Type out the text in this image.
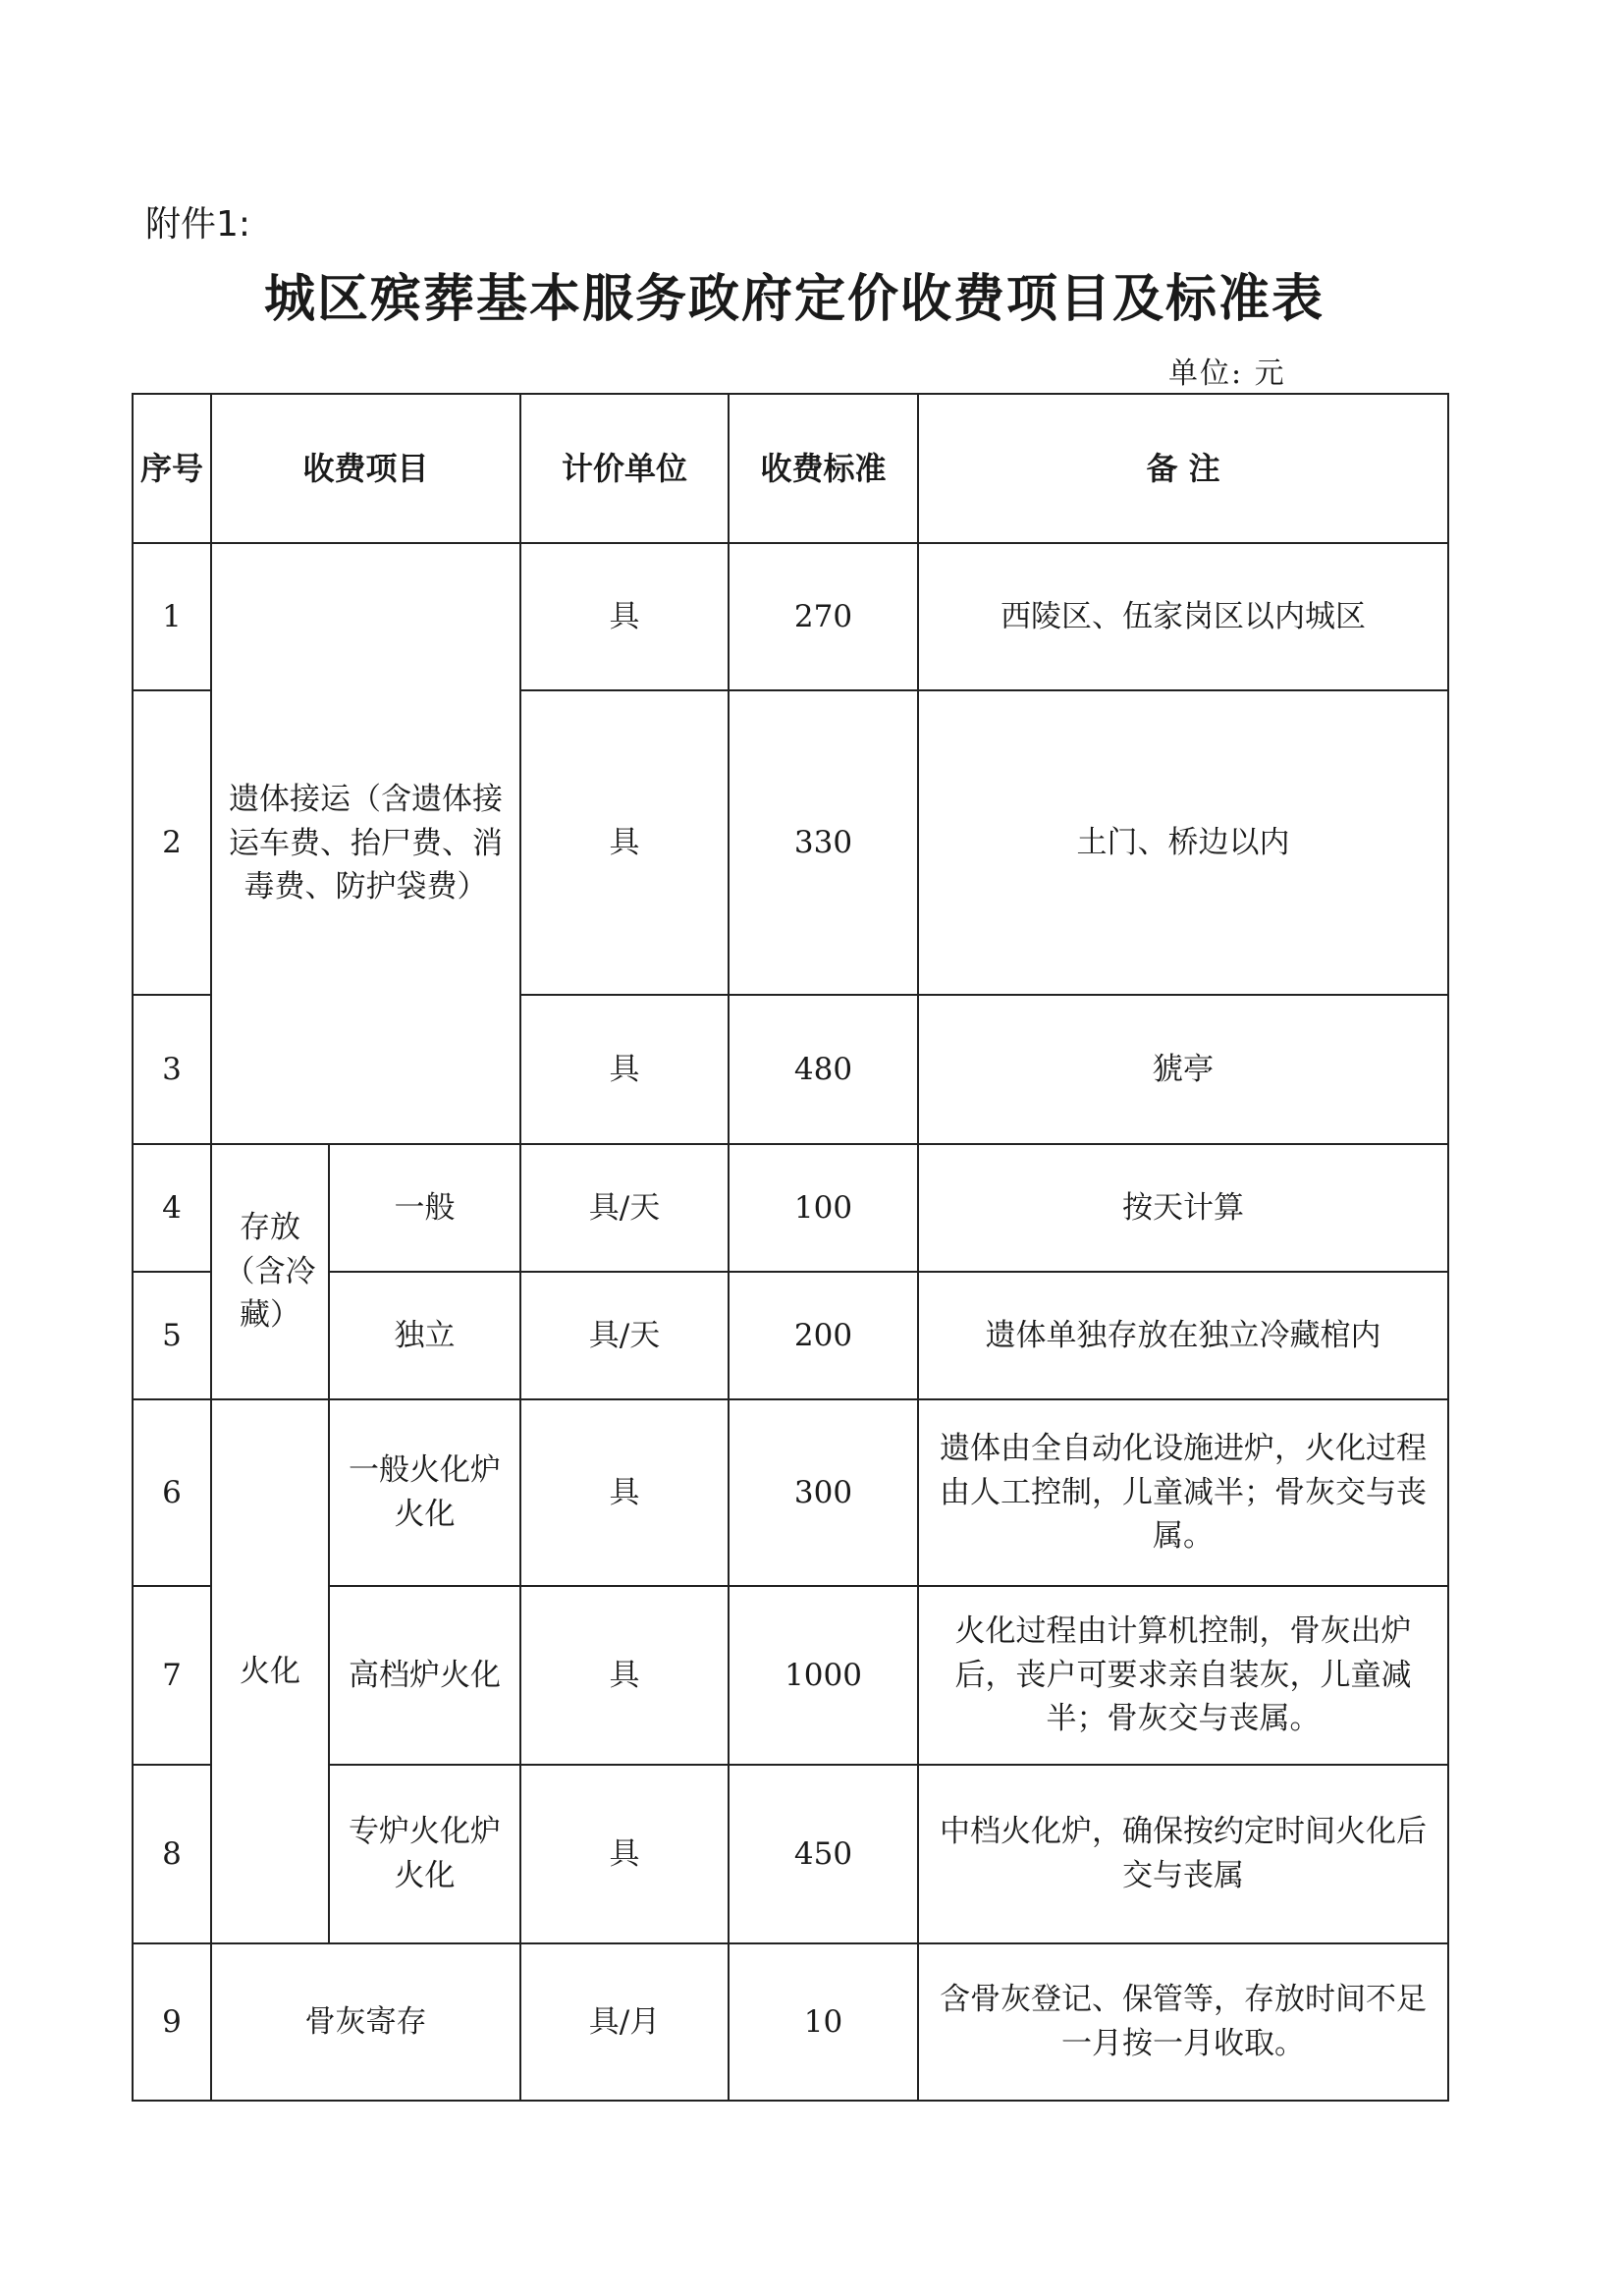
附件1:
城区殡葬基本服务政府定价收费项目及标准表
单位: 元
序号	收费项目		计价单位	收费标准	备 注
1	遗体接运（含遗体接运车费、抬尸费、消毒费、防护袋费）		具	270	西陵区、伍家岗区以内城区
2			具	330	土门、桥边以内
3			具	480	猇亭
4	存放（含冷藏）	一般	具/天	100	按天计算
5		独立	具/天	200	遗体单独存放在独立冷藏棺内
6	火化	一般火化炉火化	具	300	遗体由全自动化设施进炉，火化过程由人工控制，儿童减半；骨灰交与丧属。
7		高档炉火化	具	1000	火化过程由计算机控制，骨灰出炉后，丧户可要求亲自装灰，儿童减半；骨灰交与丧属。
8		专炉火化炉火化	具	450	中档火化炉，确保按约定时间火化后交与丧属
9	骨灰寄存		具/月	10	含骨灰登记、保管等，存放时间不足一月按一月收取。
